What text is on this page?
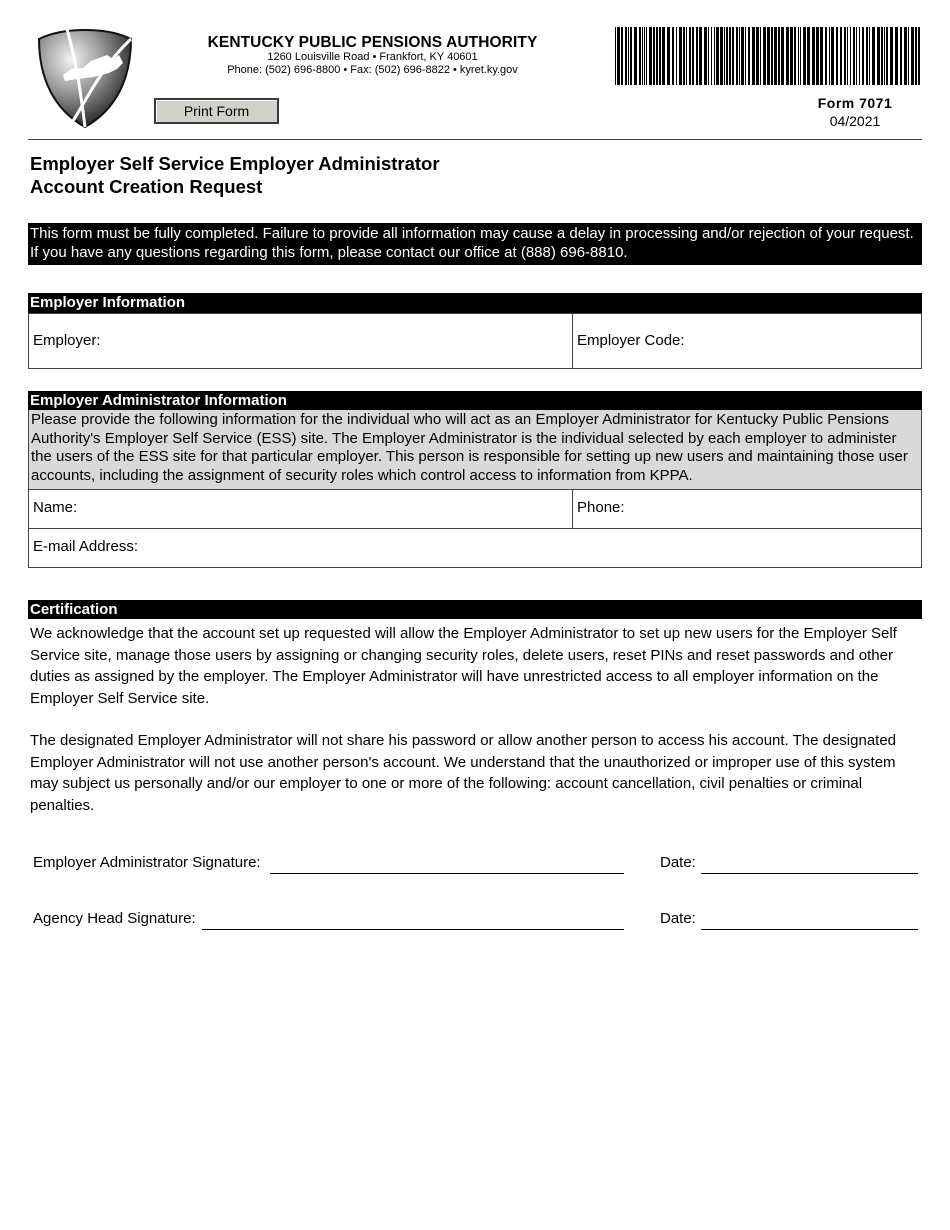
KENTUCKY PUBLIC PENSIONS AUTHORITY
1260 Louisville Road • Frankfort, KY 40601
Phone: (502) 696-8800 • Fax: (502) 696-8822 • kyret.ky.gov
Print Form	Form 7071
04/2021
Employer Self Service Employer Administrator
Account Creation Request
This form must be fully completed. Failure to provide all information may cause a delay in processing and/or rejection of your request. If you have any questions regarding this form, please contact our office at (888) 696-8810.
Employer Information
Employer:	Employer Code:
Employer Administrator Information
Please provide the following information for the individual who will act as an Employer Administrator for Kentucky Public Pensions Authority's Employer Self Service (ESS) site. The Employer Administrator is the individual selected by each employer to administer the users of the ESS site for that particular employer. This person is responsible for setting up new users and maintaining those user accounts, including the assignment of security roles which control access to information from KPPA.
Name:	Phone:
E-mail Address:
Certification
We acknowledge that the account set up requested will allow the Employer Administrator to set up new users for the Employer Self Service site, manage those users by assigning or changing security roles, delete users, reset PINs and reset passwords and other duties as assigned by the employer. The Employer Administrator will have unrestricted access to all employer information on the Employer Self Service site.
The designated Employer Administrator will not share his password or allow another person to access his account. The designated Employer Administrator will not use another person's account. We understand that the unauthorized or improper use of this system may subject us personally and/or our employer to one or more of the following: account cancellation, civil penalties or criminal penalties.
Employer Administrator Signature:	Date:
Agency Head Signature:	Date:
